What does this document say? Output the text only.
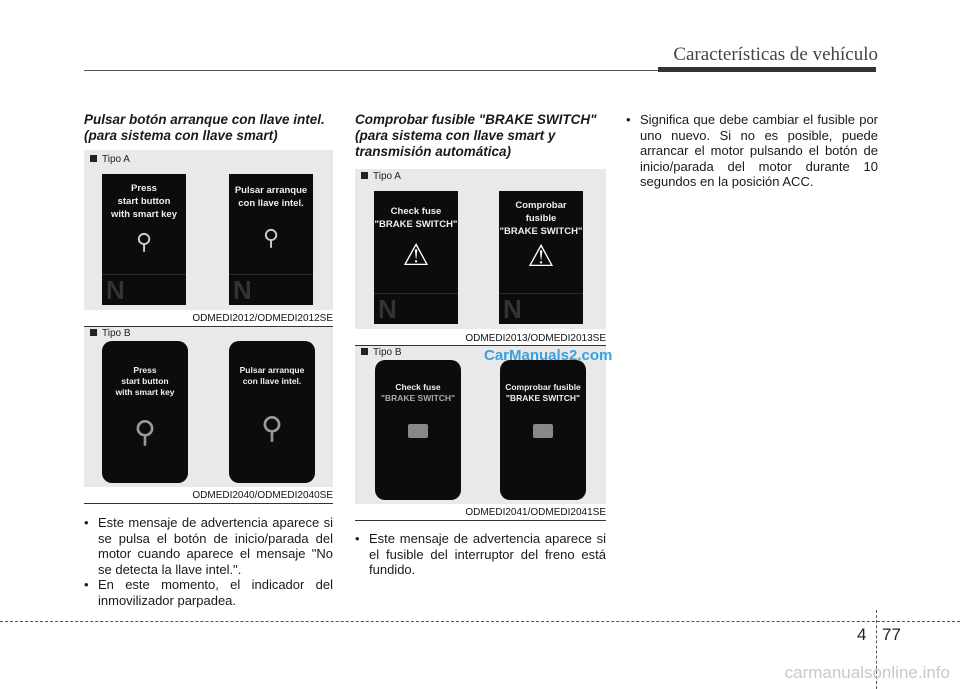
Características de vehículo
Pulsar botón arranque con llave intel. (para sistema con llave smart)
Tipo A
Press
start button
with smart key
⚲
N
Pulsar arranque
con llave intel.
⚲
N
ODMEDI2012/ODMEDI2012SE
Tipo B
Press
start button
with smart key
⚲
Pulsar arranque
con llave intel.
⚲
ODMEDI2040/ODMEDI2040SE
• Este mensaje de advertencia aparece si se pulsa el botón de inicio/parada del motor cuando aparece el mensaje "No se detecta la llave intel.".
• En este momento, el indicador del inmovilizador parpadea.
Comprobar fusible "BRAKE SWITCH" (para sistema con llave smart y transmisión automática)
Tipo A
Check fuse
"BRAKE SWITCH"
⚠
N
Comprobar
fusible
"BRAKE SWITCH"
⚠
N
ODMEDI2013/ODMEDI2013SE
Tipo B
Check fuse
"BRAKE SWITCH"
Comprobar fusible
"BRAKE SWITCH"
ODMEDI2041/ODMEDI2041SE
• Este mensaje de advertencia aparece si el fusible del interruptor del freno está fundido.
• Significa que debe cambiar el fusible por uno nuevo. Si no es posible, puede arrancar el motor pulsando el botón de inicio/parada del motor durante 10 segundos en la posición ACC.
CarManuals2.com
4 77
carmanualsonline.info
